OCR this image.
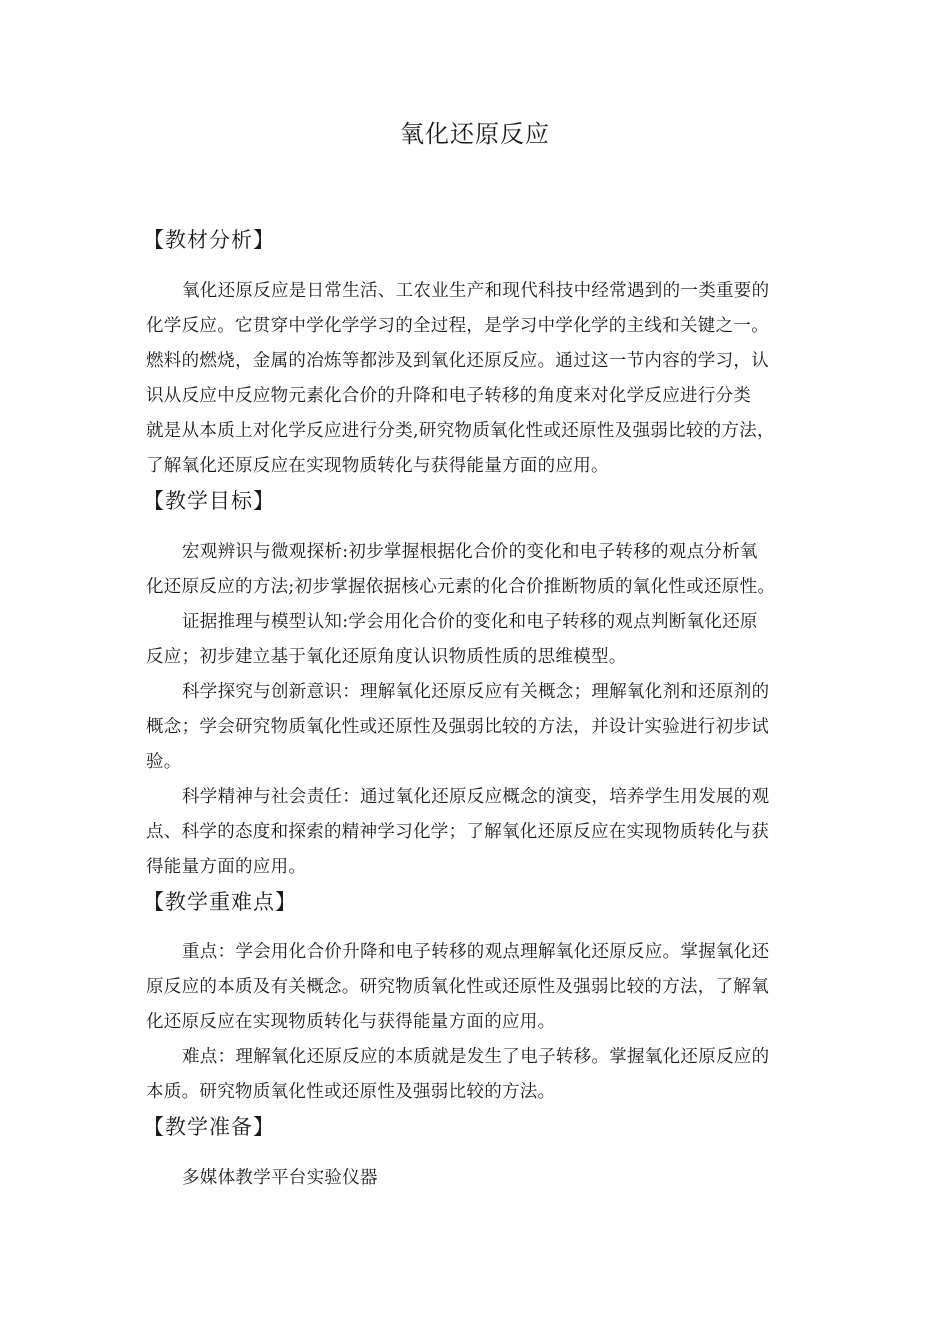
氧化还原反应
【教材分析】
氧化还原反应是日常生活、工农业生产和现代科技中经常遇到的一类重要的
化学反应。它贯穿中学化学学习的全过程，是学习中学化学的主线和关键之一。
燃料的燃烧，金属的冶炼等都涉及到氧化还原反应。通过这一节内容的学习，认
识从反应中反应物元素化合价的升降和电子转移的角度来对化学反应进行分类
就是从本质上对化学反应进行分类,研究物质氧化性或还原性及强弱比较的方法，
了解氧化还原反应在实现物质转化与获得能量方面的应用。
【教学目标】
宏观辨识与微观探析:初步掌握根据化合价的变化和电子转移的观点分析氧
化还原反应的方法;初步掌握依据核心元素的化合价推断物质的氧化性或还原性。
证据推理与模型认知:学会用化合价的变化和电子转移的观点判断氧化还原
反应；初步建立基于氧化还原角度认识物质性质的思维模型。
科学探究与创新意识：理解氧化还原反应有关概念；理解氧化剂和还原剂的
概念；学会研究物质氧化性或还原性及强弱比较的方法，并设计实验进行初步试
验。
科学精神与社会责任：通过氧化还原反应概念的演变，培养学生用发展的观
点、科学的态度和探索的精神学习化学；了解氧化还原反应在实现物质转化与获
得能量方面的应用。
【教学重难点】
重点：学会用化合价升降和电子转移的观点理解氧化还原反应。掌握氧化还
原反应的本质及有关概念。研究物质氧化性或还原性及强弱比较的方法，了解氧
化还原反应在实现物质转化与获得能量方面的应用。
难点：理解氧化还原反应的本质就是发生了电子转移。掌握氧化还原反应的
本质。研究物质氧化性或还原性及强弱比较的方法。
【教学准备】
多媒体教学平台实验仪器
